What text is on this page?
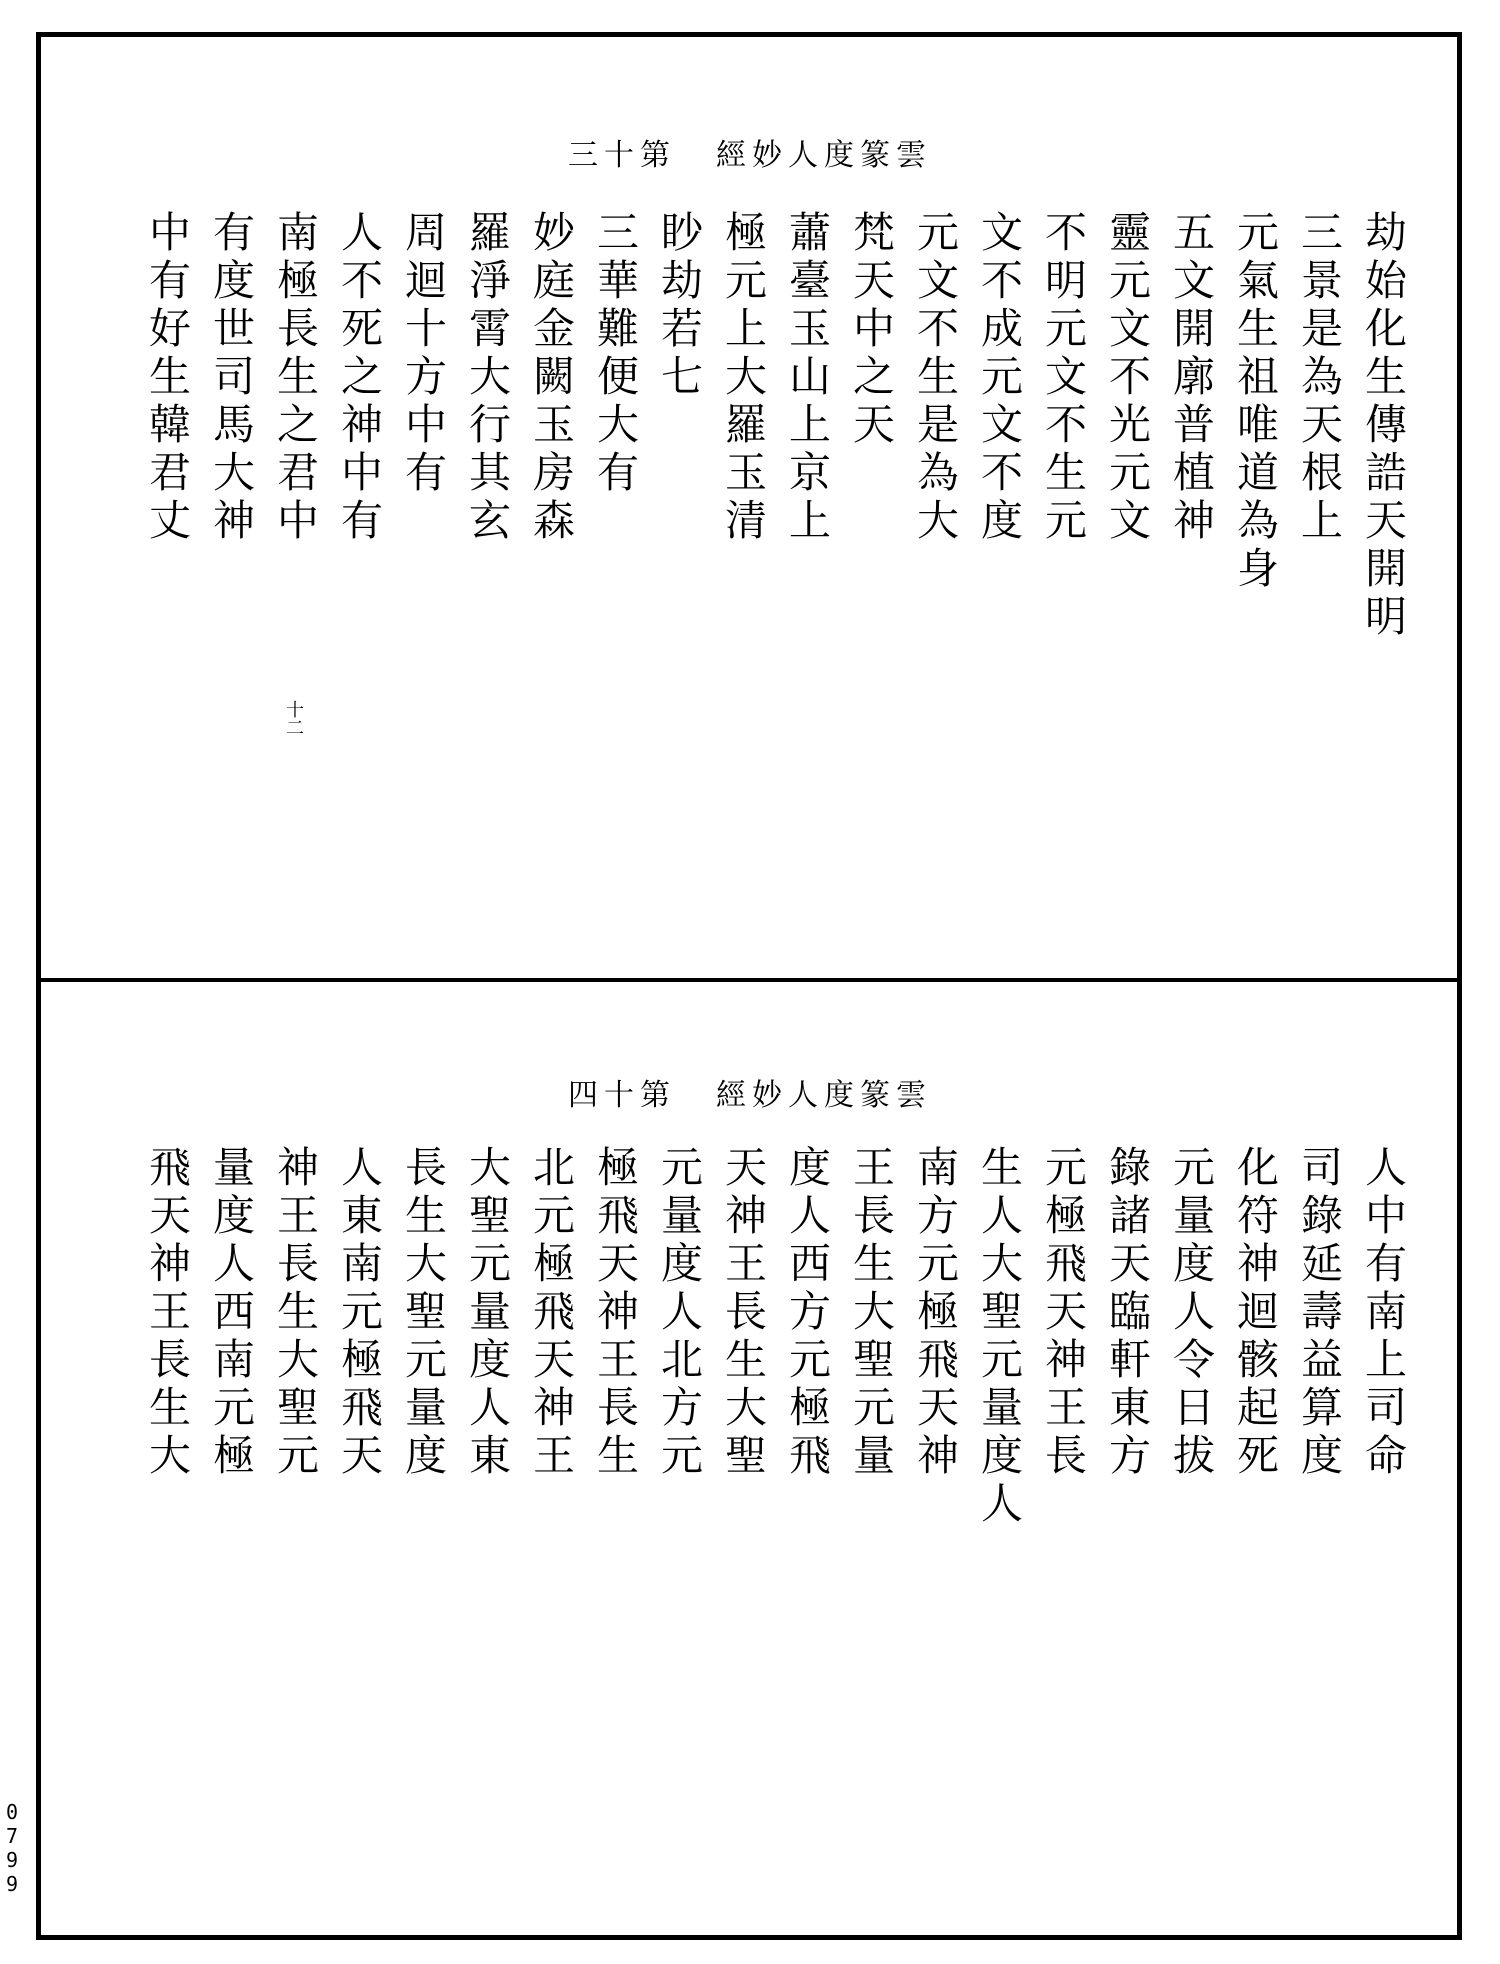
0799
三十第 經妙人度篆雲
十二
劫始化生傳誥天開明
三景是為天根上
元氣生祖唯道為身
五文開廓普植神
靈元文不光元文
不明元文不生元
文不成元文不度
元文不生是為大
梵天中之天
蕭臺玉山上京上
極元上大羅玉清
眇劫若七
三華難便大有
妙庭金闕玉房森
羅淨霄大行其玄
周迴十方中有
人不死之神中有
南極長生之君中
有度世司馬大神
中有好生韓君丈
四十第 經妙人度篆雲
人中有南上司命
司錄延壽益算度
化符神迴骸起死
元量度人令日拔
錄諸天臨軒東方
元極飛天神王長
生人大聖元量度人
南方元極飛天神
王長生大聖元量
度人西方元極飛
天神王長生大聖
元量度人北方元
極飛天神王長生
北元極飛天神王
大聖元量度人東
長生大聖元量度
人東南元極飛天
神王長生大聖元
量度人西南元極
飛天神王長生大
